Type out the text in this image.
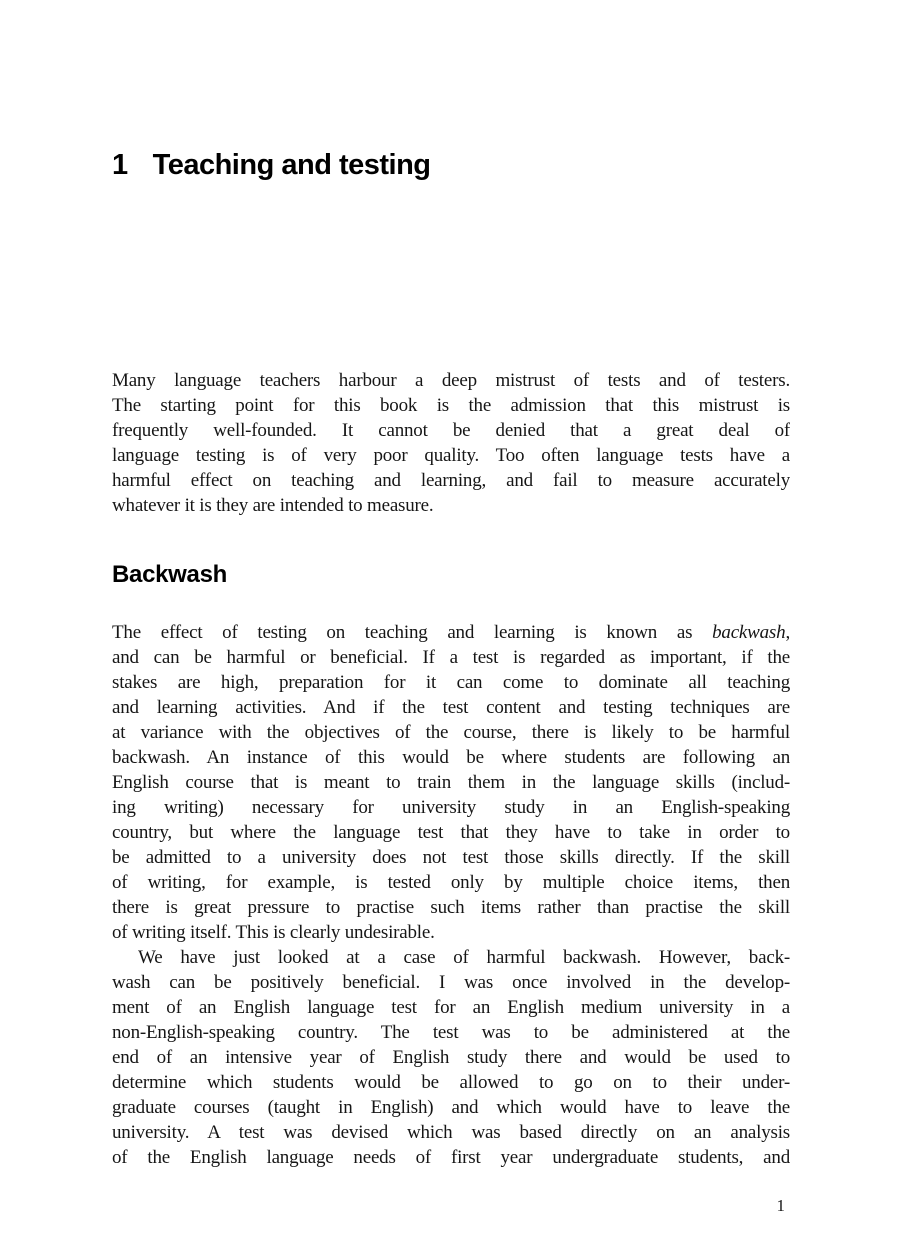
1 Teaching and testing
Many language teachers harbour a deep mistrust of tests and of testers.
The starting point for this book is the admission that this mistrust is
frequently well-founded. It cannot be denied that a great deal of
language testing is of very poor quality. Too often language tests have a
harmful effect on teaching and learning, and fail to measure accurately
whatever it is they are intended to measure.
Backwash
The effect of testing on teaching and learning is known as backwash,
and can be harmful or beneficial. If a test is regarded as important, if the
stakes are high, preparation for it can come to dominate all teaching
and learning activities. And if the test content and testing techniques are
at variance with the objectives of the course, there is likely to be harmful
backwash. An instance of this would be where students are following an
English course that is meant to train them in the language skills (includ-
ing writing) necessary for university study in an English-speaking
country, but where the language test that they have to take in order to
be admitted to a university does not test those skills directly. If the skill
of writing, for example, is tested only by multiple choice items, then
there is great pressure to practise such items rather than practise the skill
of writing itself. This is clearly undesirable.
We have just looked at a case of harmful backwash. However, back-
wash can be positively beneficial. I was once involved in the develop-
ment of an English language test for an English medium university in a
non-English-speaking country. The test was to be administered at the
end of an intensive year of English study there and would be used to
determine which students would be allowed to go on to their under-
graduate courses (taught in English) and which would have to leave the
university. A test was devised which was based directly on an analysis
of the English language needs of first year undergraduate students, and
1
